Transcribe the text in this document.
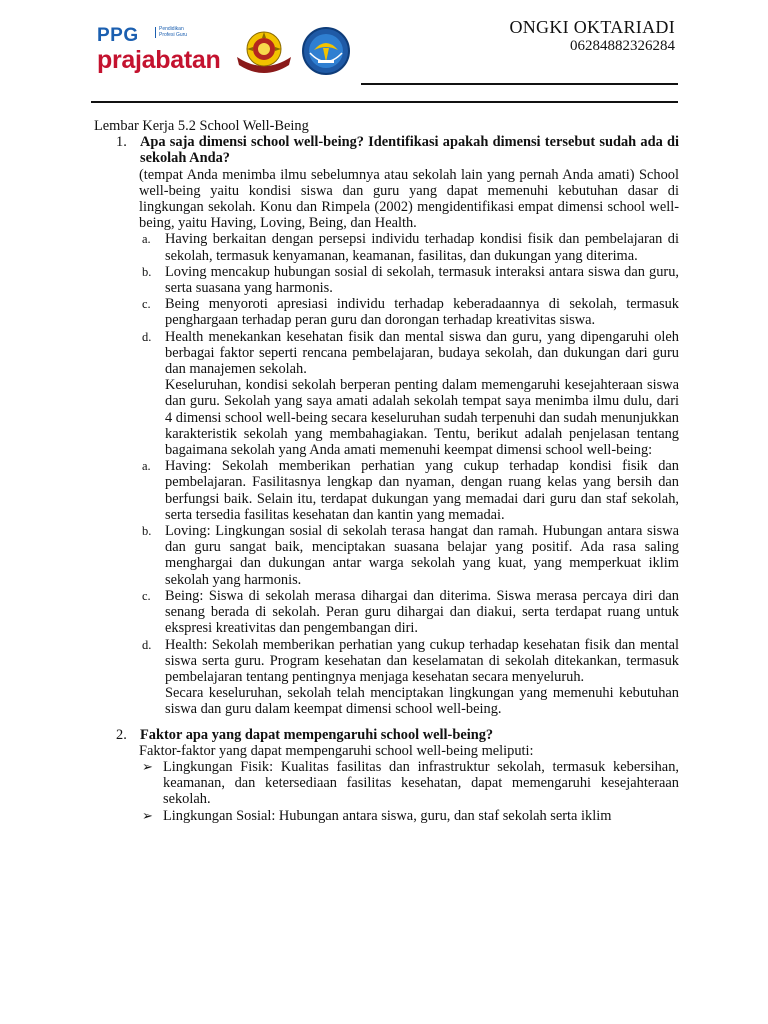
PPG	Pendidikan Profesi Guru
prajabatan
ONGKI OKTARIADI
06284882326284

Lembar Kerja 5.2 School Well-Being

1. Apa saja dimensi school well-being? Identifikasi apakah dimensi tersebut sudah ada di sekolah Anda?

(tempat Anda menimba ilmu sebelumnya atau sekolah lain yang pernah Anda amati) School well-being yaitu kondisi siswa dan guru yang dapat memenuhi kebutuhan dasar di lingkungan sekolah. Konu dan Rimpela (2002) mengidentifikasi empat dimensi school well-being, yaitu Having, Loving, Being, dan Health.

a. Having berkaitan dengan persepsi individu terhadap kondisi fisik dan pembelajaran di sekolah, termasuk kenyamanan, keamanan, fasilitas, dan dukungan yang diterima.
b. Loving mencakup hubungan sosial di sekolah, termasuk interaksi antara siswa dan guru, serta suasana yang harmonis.
c. Being menyoroti apresiasi individu terhadap keberadaannya di sekolah, termasuk penghargaan terhadap peran guru dan dorongan terhadap kreativitas siswa.
d. Health menekankan kesehatan fisik dan mental siswa dan guru, yang dipengaruhi oleh berbagai faktor seperti rencana pembelajaran, budaya sekolah, dan dukungan dari guru dan manajemen sekolah.

Keseluruhan, kondisi sekolah berperan penting dalam memengaruhi kesejahteraan siswa dan guru. Sekolah yang saya amati adalah sekolah tempat saya menimba ilmu dulu, dari 4 dimensi school well-being secara keseluruhan sudah terpenuhi dan sudah menunjukkan karakteristik sekolah yang membahagiakan. Tentu, berikut adalah penjelasan tentang bagaimana sekolah yang Anda amati memenuhi keempat dimensi school well-being:

a. Having: Sekolah memberikan perhatian yang cukup terhadap kondisi fisik dan pembelajaran. Fasilitasnya lengkap dan nyaman, dengan ruang kelas yang bersih dan berfungsi baik. Selain itu, terdapat dukungan yang memadai dari guru dan staf sekolah, serta tersedia fasilitas kesehatan dan kantin yang memadai.
b. Loving: Lingkungan sosial di sekolah terasa hangat dan ramah. Hubungan antara siswa dan guru sangat baik, menciptakan suasana belajar yang positif. Ada rasa saling menghargai dan dukungan antar warga sekolah yang kuat, yang memperkuat iklim sekolah yang harmonis.
c. Being: Siswa di sekolah merasa dihargai dan diterima. Siswa merasa percaya diri dan senang berada di sekolah. Peran guru dihargai dan diakui, serta terdapat ruang untuk ekspresi kreativitas dan pengembangan diri.
d. Health: Sekolah memberikan perhatian yang cukup terhadap kesehatan fisik dan mental siswa serta guru. Program kesehatan dan keselamatan di sekolah ditekankan, termasuk pembelajaran tentang pentingnya menjaga kesehatan secara menyeluruh.

Secara keseluruhan, sekolah telah menciptakan lingkungan yang memenuhi kebutuhan siswa dan guru dalam keempat dimensi school well-being.

2. Faktor apa yang dapat mempengaruhi school well-being?

Faktor-faktor yang dapat mempengaruhi school well-being meliputi:

➢ Lingkungan Fisik: Kualitas fasilitas dan infrastruktur sekolah, termasuk kebersihan, keamanan, dan ketersediaan fasilitas kesehatan, dapat memengaruhi kesejahteraan sekolah.
➢ Lingkungan Sosial: Hubungan antara siswa, guru, dan staf sekolah serta iklim
